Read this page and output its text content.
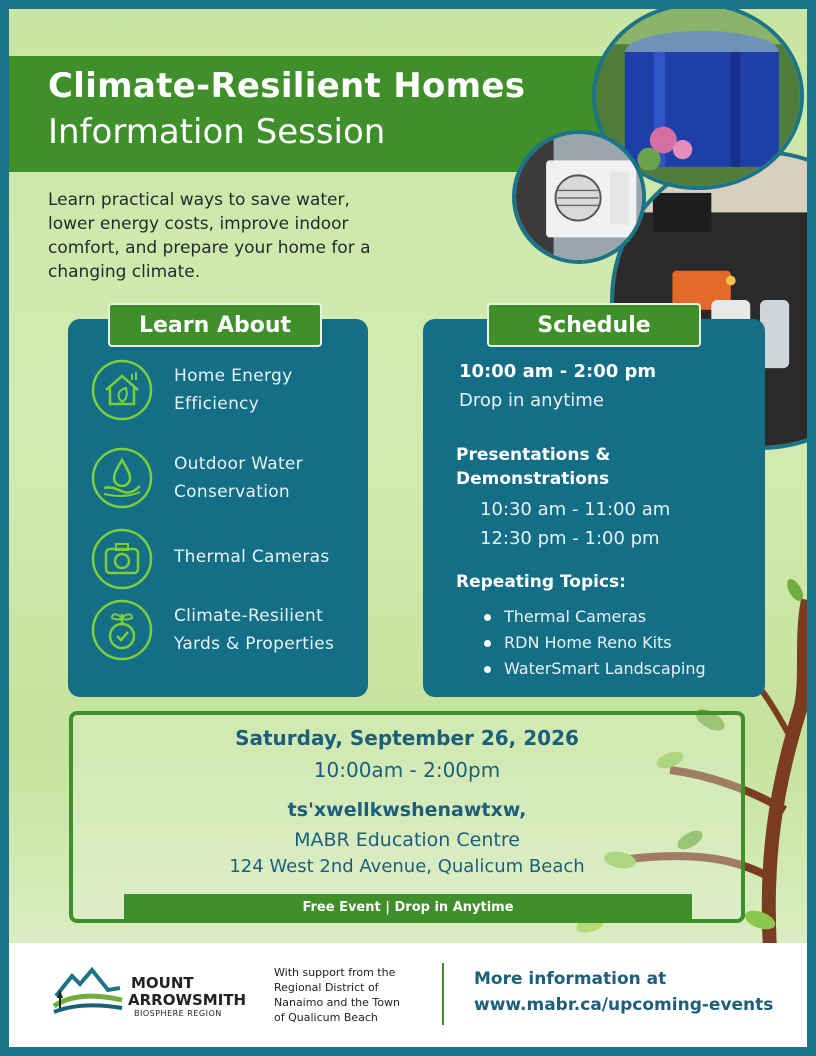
Climate-Resilient Homes
Information Session
Learn practical ways to save water,
lower energy costs, improve indoor
comfort, and prepare your home for a
changing climate.
Learn About
Home Energy
Efficiency
Outdoor Water
Conservation
Thermal Cameras
Climate-Resilient
Yards & Properties
Schedule
10:00 am - 2:00 pm
Drop in anytime
Presentations &
Demonstrations
10:30 am - 11:00 am
12:30 pm - 1:00 pm
Repeating Topics:
Thermal Cameras
RDN Home Reno Kits
WaterSmart Landscaping
Saturday, September 26, 2026
10:00am - 2:00pm
ts'xwellkwshenawtxw,
MABR Education Centre
124 West 2nd Avenue, Qualicum Beach
Free Event | Drop in Anytime
MOUNT
ARROWSMITH
BIOSPHERE REGION
With support from the
Regional District of
Nanaimo and the Town
of Qualicum Beach
More information at
www.mabr.ca/upcoming-events
